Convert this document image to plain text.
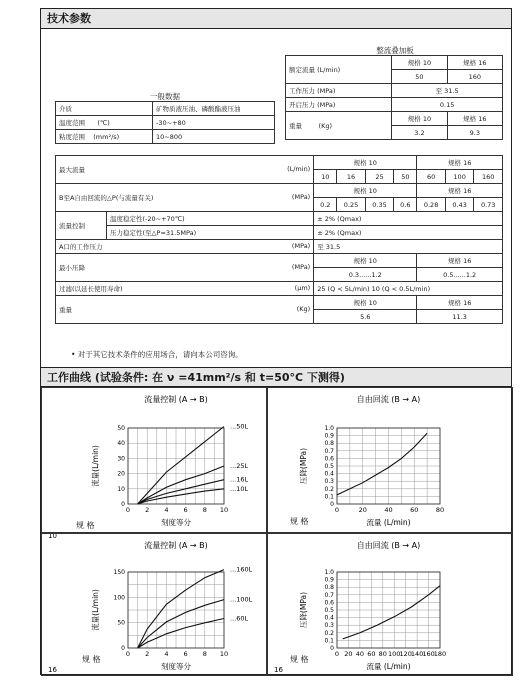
技术参数
整流叠加板
额定流量 (L/min)	规格 10	规格 16
	50	160
工作压力 (MPa)	至 31.5	
开启压力 (MPa)	0.15	
重量 (Kg)	规格 10	规格 16
	3.2	9.3
一般数据
介质	矿物质液压油、磷酸酯液压油
温度范围 (℃)	-30~+80
粘度范围 (mm²/s)	10~800
最大流量 (L/min)		规格 10				规格 16		
		10	16	25	50	60	100	160
B至A自由回流的△P(与流量有关) (MPa)		规格 10				规格 16		
		0.2	0.25	0.35	0.6	0.28	0.43	0.73
流量控制	温度稳定性(-20~+70℃)	± 2% (Qmax)						
	压力稳定性(至△P=31.5MPa)	± 2% (Qmax)						
A口的工作压力 (MPa)		至 31.5						
最小压降 (MPa)		规格 10				规格 16		
		0.3......1.2				0.5......1.2		
过滤(以延长使用寿命) (μm)		25 (Q < 5L/min) 10 (Q < 0.5L/min)						
重量 (Kg)		规格 10				规格 16		
		5.6				11.3		
• 对于其它技术条件的应用场合，请向本公司咨询。
工作曲线 (试验条件: 在 ν =41mm²/s 和 t=50°C 下测得)
流量控制 (A → B)
0 2 4 6 8 10
0
10
20
30
40
50
刻度等分
流量(L/min)
...50L
...25L
...16L
...10L
规 格
10
自由回流 (B → A)
0	20	40	60	80
0
0.1
0.2
0.3
0.4
0.5
0.6
0.7
0.8
0.9
1.0
流量 (L/min)
压降(MPa)
规 格
流量控制 (A → B)
0 2 4 6 8 10
0
50
100
150
刻度等分
流量(L/min)
...160L
...100L
...60L
规 格
16
自由回流 (B → A)
0 20 40 60 80 100 120 140 160 180
0
0.1
0.2
0.3
0.4
0.5
0.6
0.7
0.8
0.9
1.0
流量 (L/min)
压降(MPa)
规 格
16
